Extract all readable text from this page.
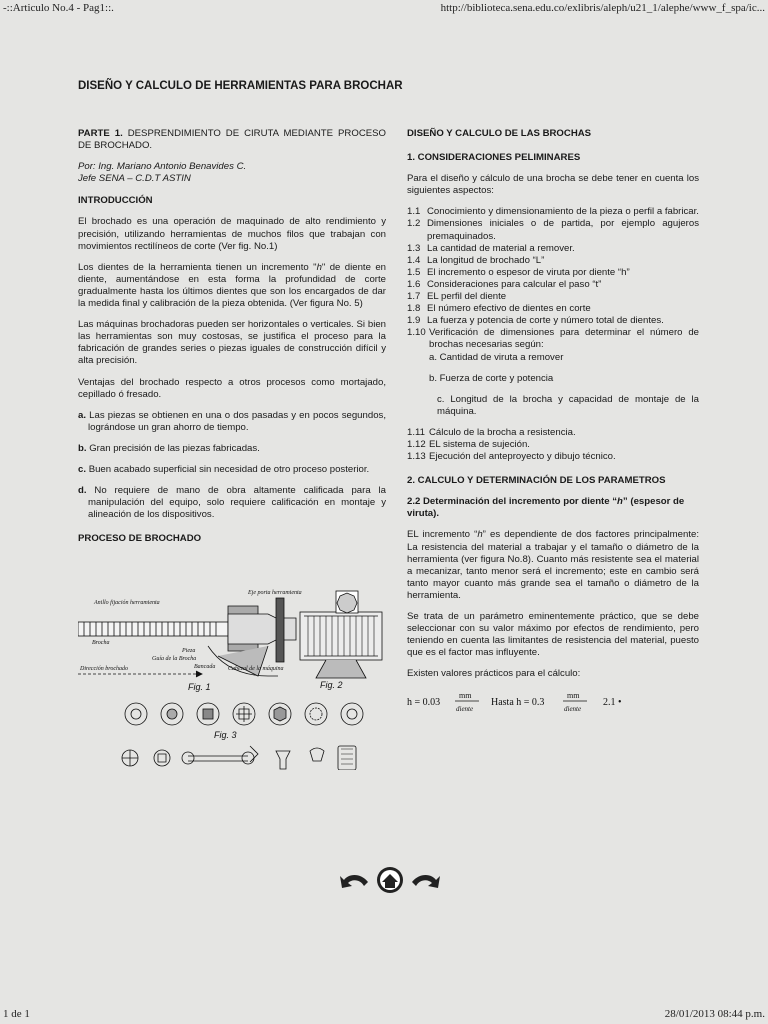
-::Articulo No.4 - Pag1::.	http://biblioteca.sena.edu.co/exlibris/aleph/u21_1/alephe/www_f_spa/ic...
DISEÑO Y CALCULO DE HERRAMIENTAS PARA BROCHAR

PARTE 1. DESPRENDIMIENTO DE CIRUTA MEDIANTE PROCESO DE BROCHADO.

Por: Ing. Mariano Antonio Benavides C.
Jefe SENA – C.D.T ASTIN

INTRODUCCIÓN

El brochado es una operación de maquinado de alto rendimiento y precisión, utilizando herramientas de muchos filos que trabajan con movimientos rectilíneos de corte (Ver fig. No.1)

Los dientes de la herramienta tienen un incremento "h" de diente en diente, aumentándose en esta forma la profundidad de corte gradualmente hasta los últimos dientes que son los encargados de dar la medida final y calibración de la pieza obtenida. (Ver figura No. 5)

Las máquinas brochadoras pueden ser horizontales o verticales. Si bien las herramientas son muy costosas, se justifica el proceso para la fabricación de grandes series o piezas iguales de construcción difícil y alta precisión.

Ventajas del brochado respecto a otros procesos como mortajado, cepillado ó fresado.

a. Las piezas se obtienen en una o dos pasadas y en pocos segundos, lográndose un gran ahorro de tiempo.

b. Gran precisión de las piezas fabricadas.

c. Buen acabado superficial sin necesidad de otro proceso posterior.

d. No requiere de mano de obra altamente calificada para la manipulación del equipo, solo requiere calificación en montaje y alineación de los dispositivos.

PROCESO DE BROCHADO
Anillo fijación herramienta
Eje porta herramienta
Brocha
Pieza
Guía de la Brocha
Bancada
Dirección brochado	Cabezal de la máquina
Fig. 1	Fig. 2
Fig. 3
DISEÑO Y CALCULO DE LAS BROCHAS
1. CONSIDERACIONES PELIMINARES

Para el diseño y cálculo de una brocha se debe tener en cuenta los siguientes aspectos:

1.1 Conocimiento y dimensionamiento de la pieza o perfil a fabricar.
1.2 Dimensiones iniciales o de partida, por ejemplo agujeros premaquinados.
1.3 La cantidad de material a remover.
1.4 La longitud de brochado “L”
1.5 El incremento o espesor de viruta por diente “h”
1.6 Consideraciones para calcular el paso “t”
1.7 EL perfil del diente
1.8 El número efectivo de dientes en corte
1.9 La fuerza y potencia de corte y número total de dientes.
1.10 Verificación de dimensiones para determinar el número de brochas necesarias según:

a. Cantidad de viruta a remover

b. Fuerza de corte y potencia

c. Longitud de la brocha y capacidad de montaje de la máquina.

1.11 Cálculo de la brocha a resistencia.
1.12 EL sistema de sujeción.
1.13 Ejecución del anteproyecto y dibujo técnico.
2. CALCULO Y DETERMINACIÓN DE LOS PARAMETROS
2.2 Determinación del incremento por diente “h” (espesor de viruta).

EL incremento “h” es dependiente de dos factores principalmente: La resistencia del material a trabajar y el tamaño o diámetro de la herramienta (ver figura No.8). Cuanto más resistente sea el material a mecanizar, tanto menor será el incremento; este en cambio será tanto mayor cuanto más grande sea el tamaño o diámetro de la herramienta.

Se trata de un parámetro eminentemente práctico, que se debe seleccionar con su valor máximo por efectos de rendimiento, pero teniendo en cuenta las limitantes de resistencia del material, puesto que es el factor mas influyente.

Existen valores prácticos para el cálculo:

h = 0.03
mm
diente
Hasta h = 0.3
mm
diente
2.1 •
1 de 1	28/01/2013 08:44 p.m.
